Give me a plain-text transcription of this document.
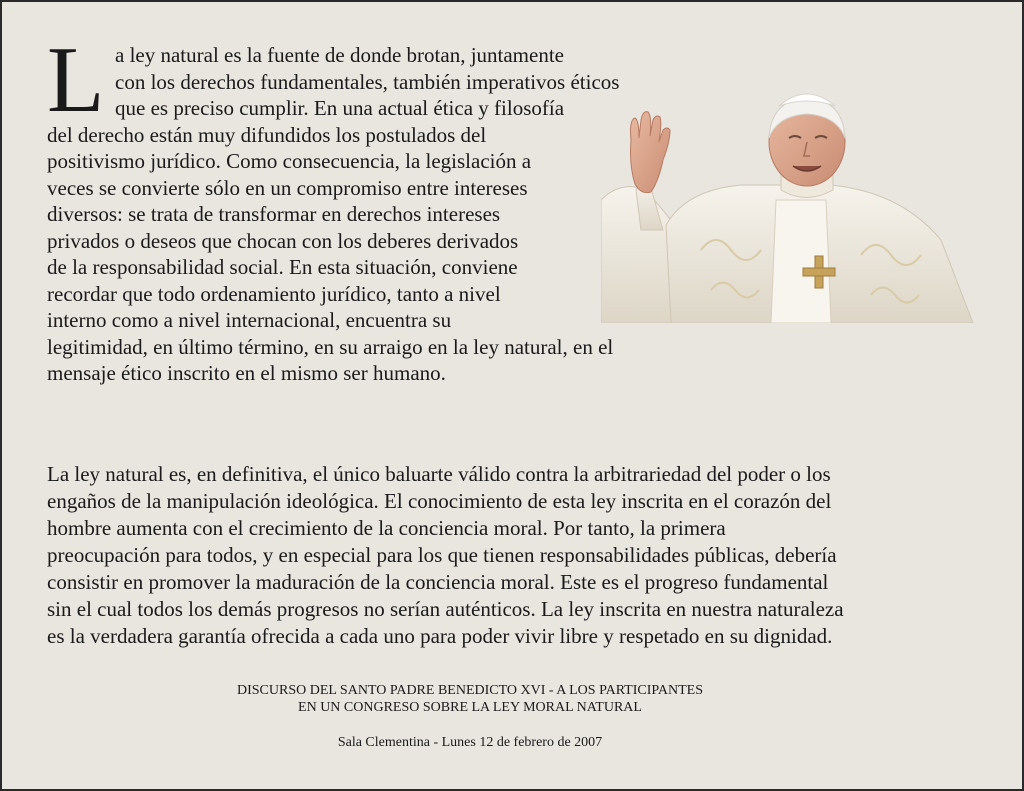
L a ley natural es la fuente de donde brotan, juntamente
con los derechos fundamentales, también imperativos éticos
que es preciso cumplir. En una actual ética y filosofía
del derecho están muy difundidos los postulados del
positivismo jurídico. Como consecuencia, la legislación a
veces se convierte sólo en un compromiso entre intereses
diversos: se trata de transformar en derechos intereses
privados o deseos que chocan con los deberes derivados
de la responsabilidad social. En esta situación, conviene
recordar que todo ordenamiento jurídico, tanto a nivel
interno como a nivel internacional, encuentra su
legitimidad, en último término, en su arraigo en la ley natural, en el
mensaje ético inscrito en el mismo ser humano.
La ley natural es, en definitiva, el único baluarte válido contra la arbitrariedad del poder o los
engaños de la manipulación ideológica. El conocimiento de esta ley inscrita en el corazón del
hombre aumenta con el crecimiento de la conciencia moral. Por tanto, la primera
preocupación para todos, y en especial para los que tienen responsabilidades públicas, debería
consistir en promover la maduración de la conciencia moral. Este es el progreso fundamental
sin el cual todos los demás progresos no serían auténticos. La ley inscrita en nuestra naturaleza
es la verdadera garantía ofrecida a cada uno para poder vivir libre y respetado en su dignidad.
DISCURSO DEL SANTO PADRE BENEDICTO XVI - A LOS PARTICIPANTES
EN UN CONGRESO SOBRE LA LEY MORAL NATURAL
Sala Clementina - Lunes 12 de febrero de 2007
